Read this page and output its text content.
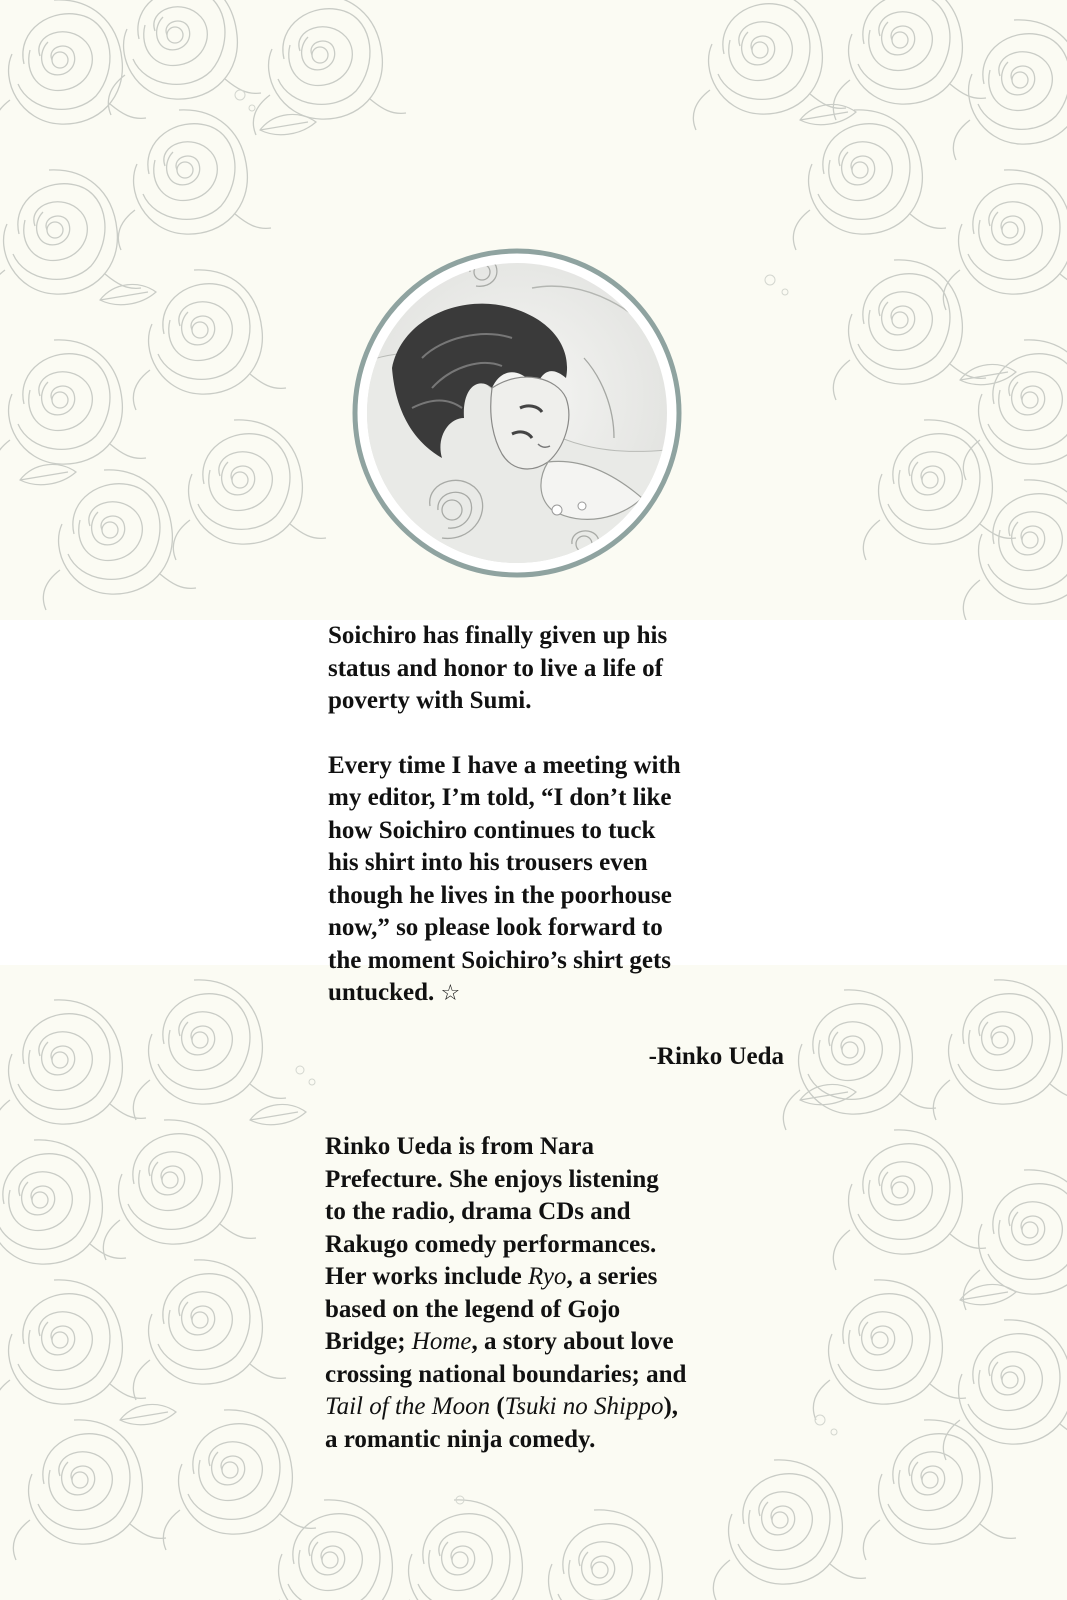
Soichiro has finally given up his
status and honor to live a life of
poverty with Sumi.

Every time I have a meeting with
my editor, I’m told, “I don’t like
how Soichiro continues to tuck
his shirt into his trousers even
though he lives in the poorhouse
now,” so please look forward to
the moment Soichiro’s shirt gets
untucked. ☆

-Rinko Ueda
Rinko Ueda is from Nara
Prefecture. She enjoys listening
to the radio, drama CDs and
Rakugo comedy performances.
Her works include Ryo, a series
based on the legend of Gojo
Bridge; Home, a story about love
crossing national boundaries; and
Tail of the Moon (Tsuki no Shippo),
a romantic ninja comedy.
